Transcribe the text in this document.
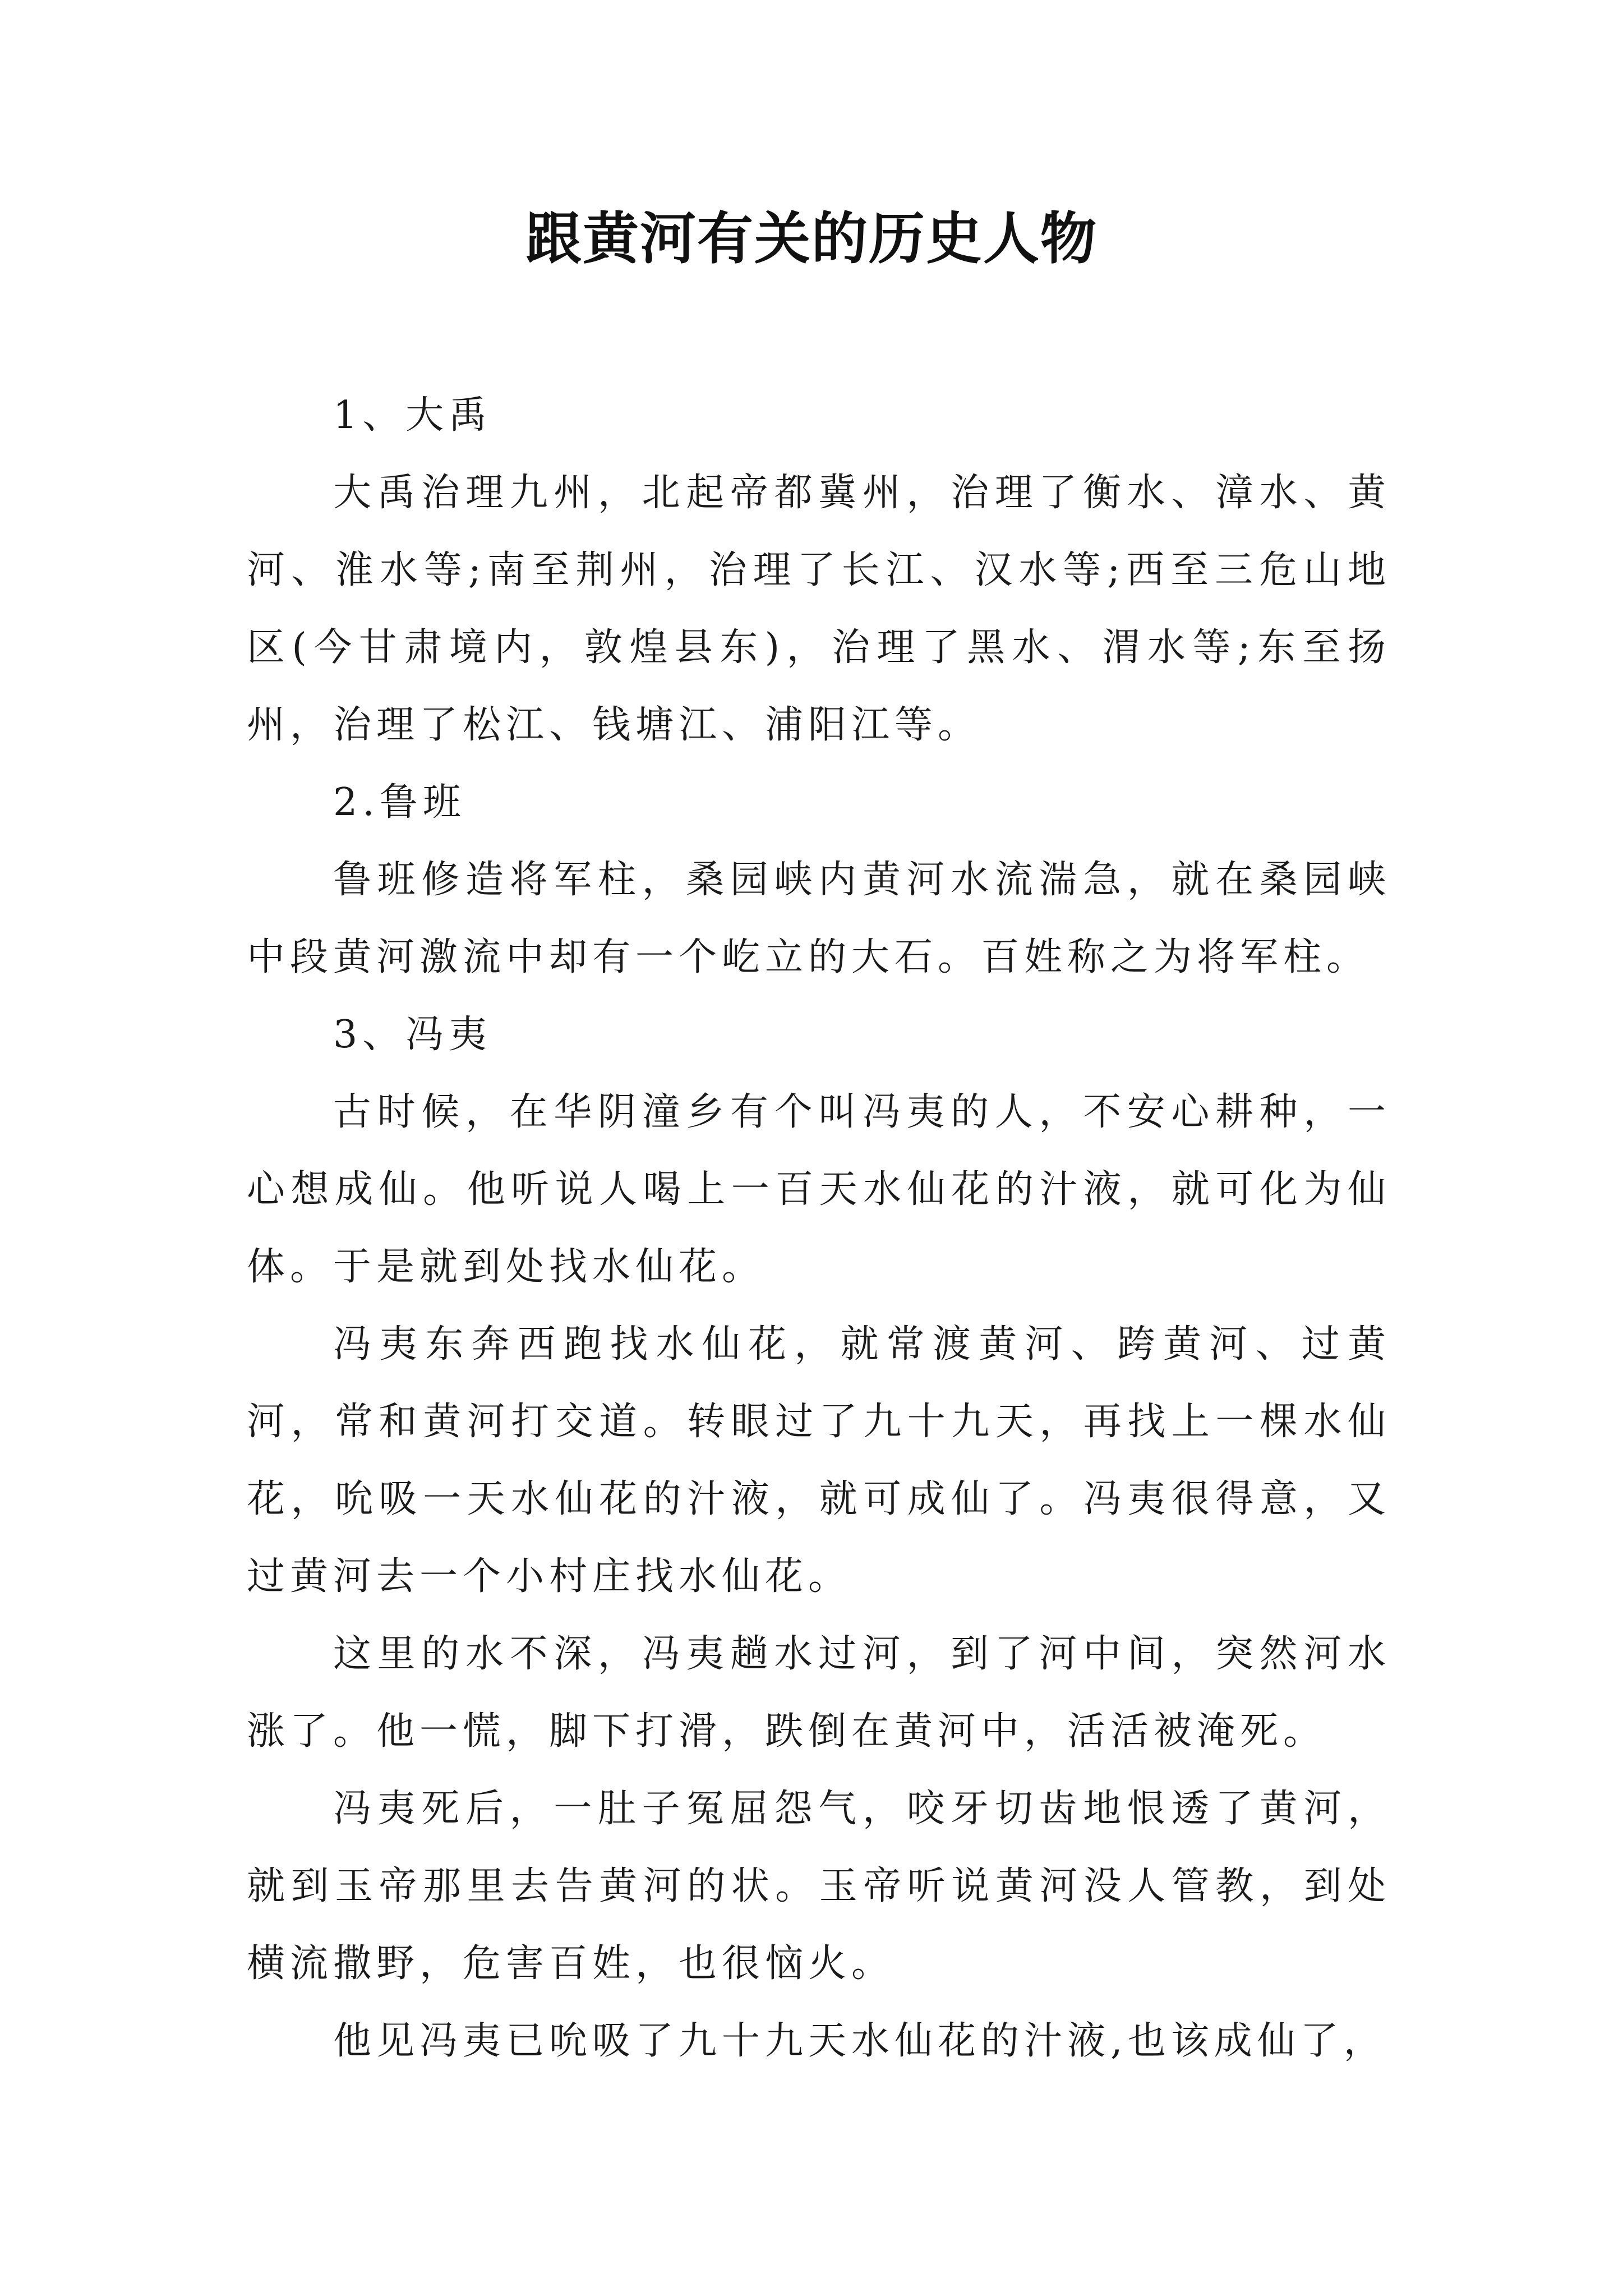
跟黄河有关的历史人物

1、大禹

大禹治理九州，北起帝都冀州，治理了衡水、漳水、黄河、淮水等;南至荆州，治理了长江、汉水等;西至三危山地区(今甘肃境内，敦煌县东)，治理了黑水、渭水等;东至扬州，治理了松江、钱塘江、浦阳江等。

2.鲁班

鲁班修造将军柱，桑园峡内黄河水流湍急，就在桑园峡中段黄河激流中却有一个屹立的大石。百姓称之为将军柱。

3、冯夷

古时候，在华阴潼乡有个叫冯夷的人，不安心耕种，一心想成仙。他听说人喝上一百天水仙花的汁液，就可化为仙体。于是就到处找水仙花。

冯夷东奔西跑找水仙花，就常渡黄河、跨黄河、过黄河，常和黄河打交道。转眼过了九十九天，再找上一棵水仙花，吮吸一天水仙花的汁液，就可成仙了。冯夷很得意，又过黄河去一个小村庄找水仙花。

这里的水不深，冯夷趟水过河，到了河中间，突然河水涨了。他一慌，脚下打滑，跌倒在黄河中，活活被淹死。

冯夷死后，一肚子冤屈怨气，咬牙切齿地恨透了黄河，就到玉帝那里去告黄河的状。玉帝听说黄河没人管教，到处横流撒野，危害百姓，也很恼火。

他见冯夷已吮吸了九十九天水仙花的汁液,也该成仙了，
